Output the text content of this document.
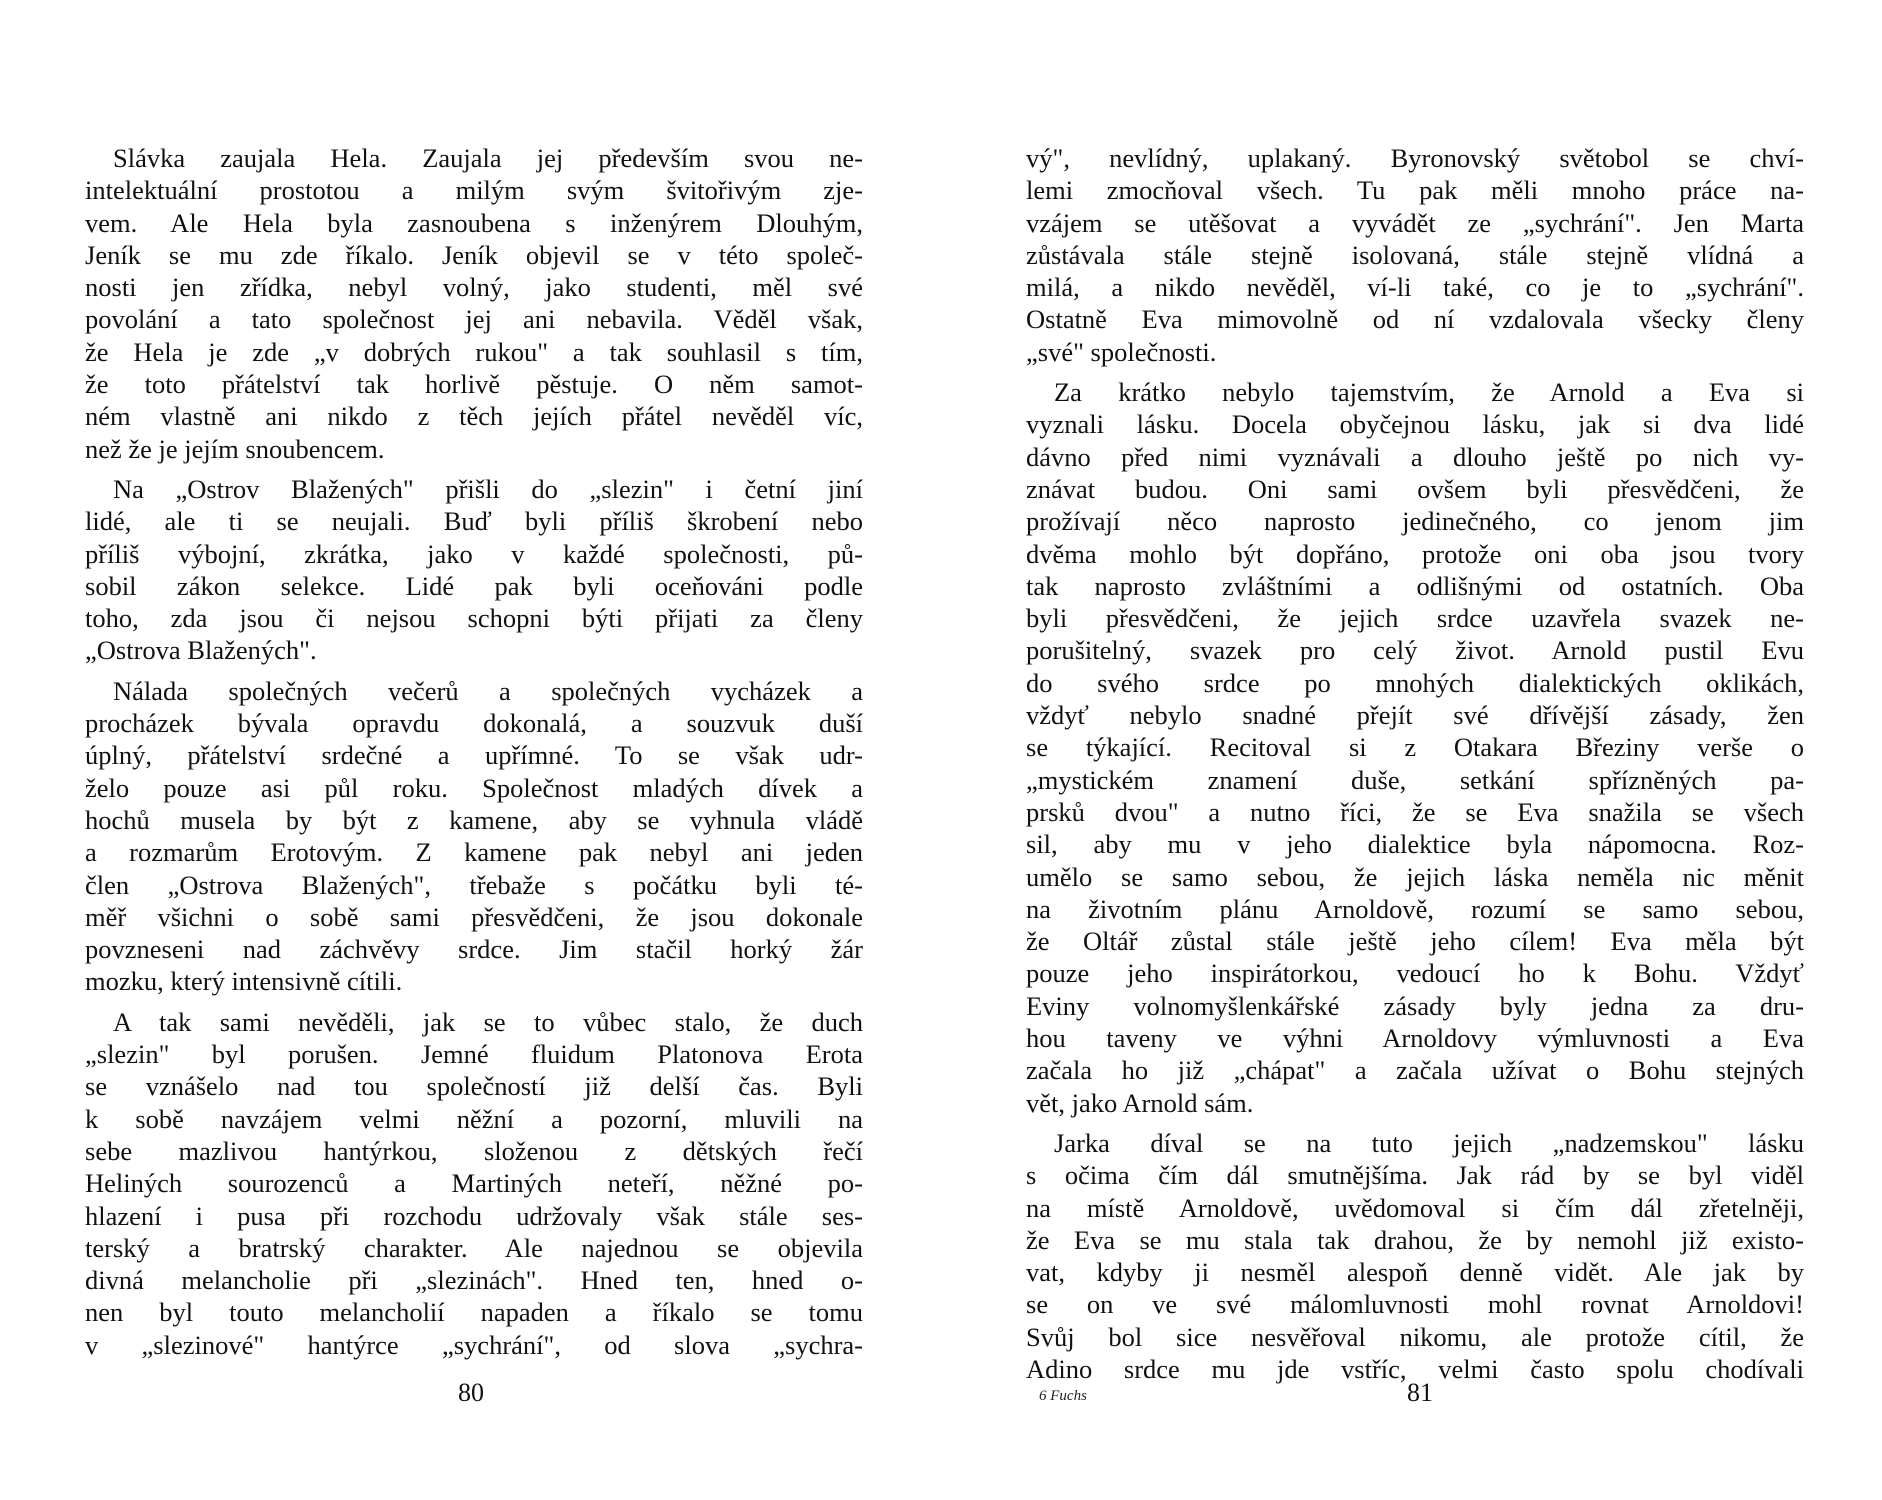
Slávka zaujala Hela. Zaujala jej především svou ne-
intelektuální prostotou a milým svým švitořivým zje-
vem. Ale Hela byla zasnoubena s inženýrem Dlouhým,
Jeník se mu zde říkalo. Jeník objevil se v této společ-
nosti jen zřídka, nebyl volný, jako studenti, měl své
povolání a tato společnost jej ani nebavila. Věděl však,
že Hela je zde „v dobrých rukou" a tak souhlasil s tím,
že toto přátelství tak horlivě pěstuje. O něm samot-
ném vlastně ani nikdo z těch jejích přátel nevěděl víc,
než že je jejím snoubencem.
Na „Ostrov Blažených" přišli do „slezin" i četní jiní
lidé, ale ti se neujali. Buď byli příliš škrobení nebo
příliš výbojní, zkrátka, jako v každé společnosti, pů-
sobil zákon selekce. Lidé pak byli oceňováni podle
toho, zda jsou či nejsou schopni býti přijati za členy
„Ostrova Blažených".
Nálada společných večerů a společných vycházek a
procházek bývala opravdu dokonalá, a souzvuk duší
úplný, přátelství srdečné a upřímné. To se však udr-
želo pouze asi půl roku. Společnost mladých dívek a
hochů musela by být z kamene, aby se vyhnula vládě
a rozmarům Erotovým. Z kamene pak nebyl ani jeden
člen „Ostrova Blažených", třebaže s počátku byli té-
měř všichni o sobě sami přesvědčeni, že jsou dokonale
povzneseni nad záchvěvy srdce. Jim stačil horký žár
mozku, který intensivně cítili.
A tak sami nevěděli, jak se to vůbec stalo, že duch
„slezin" byl porušen. Jemné fluidum Platonova Erota
se vznášelo nad tou společností již delší čas. Byli
k sobě navzájem velmi něžní a pozorní, mluvili na
sebe mazlivou hantýrkou, složenou z dětských řečí
Heliných sourozenců a Martiných neteří, něžné po-
hlazení i pusa při rozchodu udržovaly však stále ses-
terský a bratrský charakter. Ale najednou se objevila
divná melancholie při „slezinách". Hned ten, hned o-
nen byl touto melancholií napaden a říkalo se tomu
v „slezinové" hantýrce „sychrání", od slova „sychra-
80
vý", nevlídný, uplakaný. Byronovský světobol se chví-
lemi zmocňoval všech. Tu pak měli mnoho práce na-
vzájem se utěšovat a vyvádět ze „sychrání". Jen Marta
zůstávala stále stejně isolovaná, stále stejně vlídná a
milá, a nikdo nevěděl, ví-li také, co je to „sychrání".
Ostatně Eva mimovolně od ní vzdalovala všecky členy
„své" společnosti.
Za krátko nebylo tajemstvím, že Arnold a Eva si
vyznali lásku. Docela obyčejnou lásku, jak si dva lidé
dávno před nimi vyznávali a dlouho ještě po nich vy-
znávat budou. Oni sami ovšem byli přesvědčeni, že
prožívají něco naprosto jedinečného, co jenom jim
dvěma mohlo být dopřáno, protože oni oba jsou tvory
tak naprosto zvláštními a odlišnými od ostatních. Oba
byli přesvědčeni, že jejich srdce uzavřela svazek ne-
porušitelný, svazek pro celý život. Arnold pustil Evu
do svého srdce po mnohých dialektických oklikách,
vždyť nebylo snadné přejít své dřívější zásady, žen
se týkající. Recitoval si z Otakara Březiny verše o
„mystickém znamení duše, setkání spřízněných pa-
prsků dvou" a nutno říci, že se Eva snažila se všech
sil, aby mu v jeho dialektice byla nápomocna. Roz-
umělo se samo sebou, že jejich láska neměla nic měnit
na životním plánu Arnoldově, rozumí se samo sebou,
že Oltář zůstal stále ještě jeho cílem! Eva měla být
pouze jeho inspirátorkou, vedoucí ho k Bohu. Vždyť
Eviny volnomyšlenkářské zásady byly jedna za dru-
hou taveny ve výhni Arnoldovy výmluvnosti a Eva
začala ho již „chápat" a začala užívat o Bohu stejných
vět, jako Arnold sám.
Jarka díval se na tuto jejich „nadzemskou" lásku
s očima čím dál smutnějšíma. Jak rád by se byl viděl
na místě Arnoldově, uvědomoval si čím dál zřetelněji,
že Eva se mu stala tak drahou, že by nemohl již existo-
vat, kdyby ji nesměl alespoň denně vidět. Ale jak by
se on ve své málomluvnosti mohl rovnat Arnoldovi!
Svůj bol sice nesvěřoval nikomu, ale protože cítil, že
Adino srdce mu jde vstříc, velmi často spolu chodívali
6 Fuchs	81
